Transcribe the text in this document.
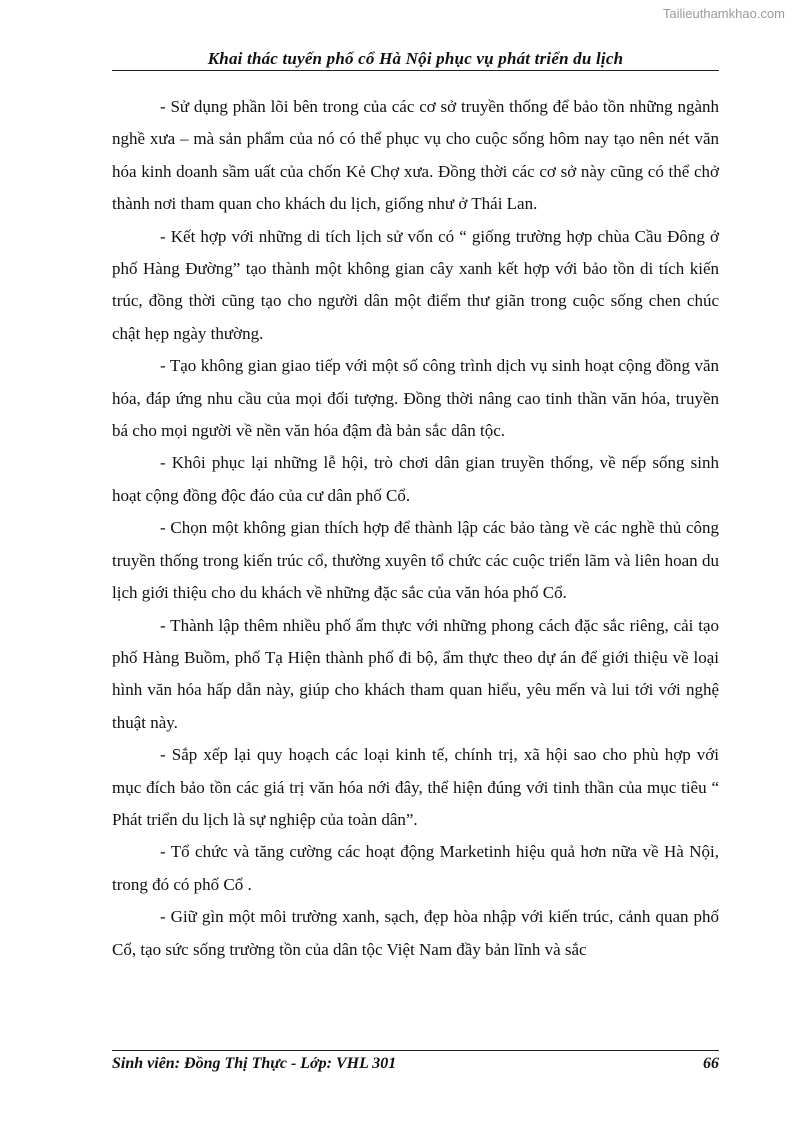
Tailieuthamkhao.com
Khai thác tuyến phố cổ Hà Nội phục vụ phát triển du lịch

- Sử dụng phần lõi bên trong của các cơ sở truyền thống để bảo tồn những ngành nghề xưa – mà sản phẩm của nó có thể phục vụ cho cuộc sống hôm nay tạo nên nét văn hóa kinh doanh sầm uất của chốn Kẻ Chợ xưa. Đồng thời các cơ sở này cũng có thể chở thành nơi tham quan cho khách du lịch, giống như ở Thái Lan.

- Kết hợp với những di tích lịch sử vốn có “ giống trường hợp chùa Cầu Đông ở phố Hàng Đường” tạo thành một không gian cây xanh kết hợp với bảo tồn di tích kiến trúc, đồng thời cũng tạo cho người dân một điểm thư giãn trong cuộc sống chen chúc chật hẹp ngày thường.

- Tạo không gian giao tiếp với một số công trình dịch vụ sinh hoạt cộng đồng văn hóa, đáp ứng nhu cầu của mọi đối tượng. Đồng thời nâng cao tinh thần văn hóa, truyền bá cho mọi người về nền văn hóa đậm đà bản sắc dân tộc.

- Khôi phục lại những lễ hội, trò chơi dân gian truyền thống, về nếp sống sinh hoạt cộng đồng độc đáo của cư dân phố Cổ.

- Chọn một không gian thích hợp để thành lập các bảo tàng về các nghề thủ công truyền thống trong kiến trúc cổ, thường xuyên tổ chức các cuộc triển lãm và liên hoan du lịch giới thiệu cho du khách về những đặc sắc của văn hóa phố Cổ.

- Thành lập thêm nhiều phố ẩm thực với những phong cách đặc sắc riêng, cải tạo phố Hàng Buồm, phố Tạ Hiện thành phố đi bộ, ẩm thực theo dự án để giới thiệu về loại hình văn hóa hấp dẫn này, giúp cho khách tham quan hiểu, yêu mến và lui tới với nghệ thuật này.

- Sắp xếp lại quy hoạch các loại kinh tế, chính trị, xã hội sao cho phù hợp với mục đích bảo tồn các giá trị văn hóa nới đây, thể hiện đúng với tinh thần của mục tiêu “ Phát triển du lịch là sự nghiệp của toàn dân”.

- Tổ chức và tăng cường các hoạt động Marketinh hiệu quả hơn nữa về Hà Nội, trong đó có phố Cổ .

- Giữ gìn một môi trường xanh, sạch, đẹp hòa nhập với kiến trúc, cảnh quan phố Cổ, tạo sức sống trường tồn của dân tộc Việt Nam đầy bản lĩnh và sắc

Sinh viên: Đồng Thị Thực - Lớp: VHL 301	66
